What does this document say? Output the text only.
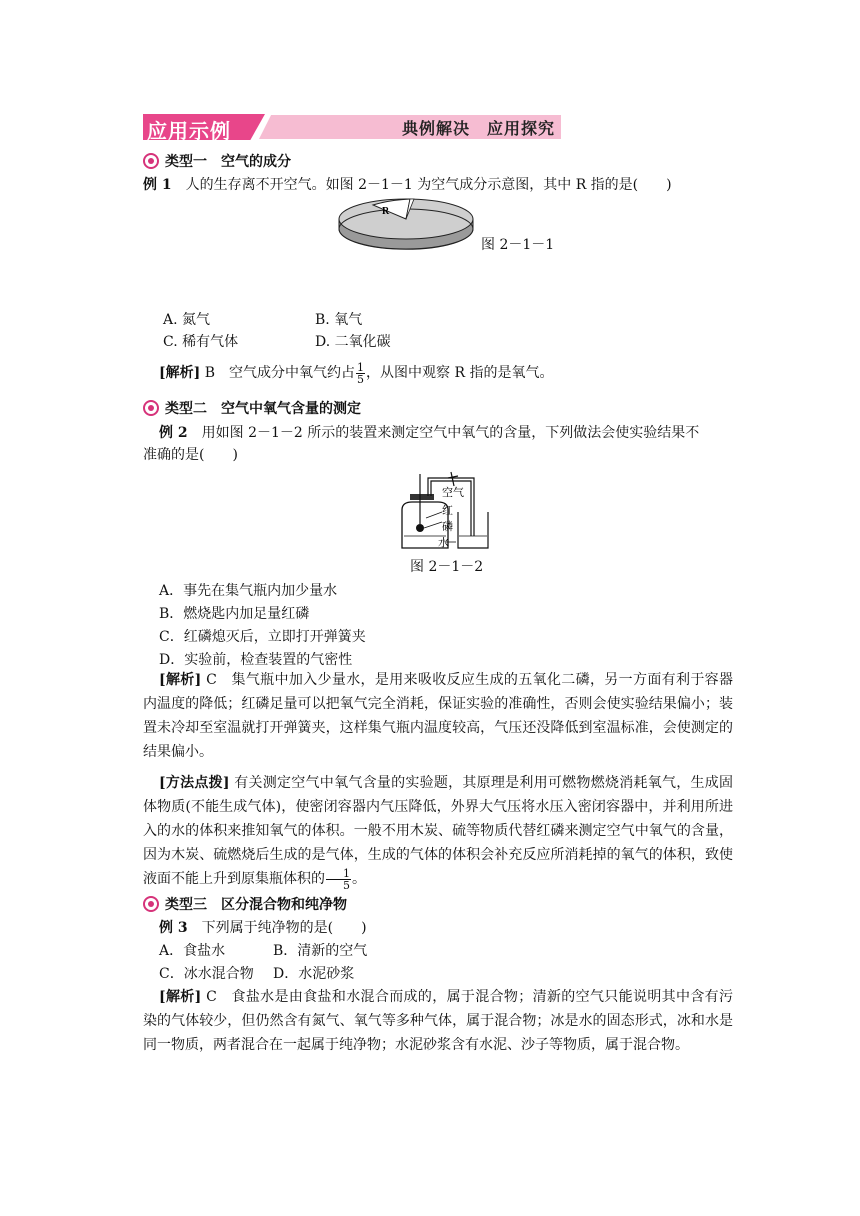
应用示例	典例解决　应用探究
类型一　空气的成分
例 1　 人的生存离不开空气。如图 2－1－1 为空气成分示意图，其中 R 指的是(　　)
R
图 2－1－1
A. 氮气	B. 氧气
C. 稀有气体	D. 二氧化碳
[解析] B　 空气成分中氧气约占 $\frac{1}{5}$ ，从图中观察 R 指的是氧气。
类型二　空气中氧气含量的测定
例 2　 用如图 2－1－2 所示的装置来测定空气中氧气的含量，下列做法会使实验结果不
准确的是(　　)
空气
红
磷
水
图 2－1－2
A．事先在集气瓶内加少量水
B．燃烧匙内加足量红磷
C．红磷熄灭后，立即打开弹簧夹
D．实验前，检查装置的气密性
[解析] C　 集气瓶中加入少量水，是用来吸收反应生成的五氧化二磷，另一方面有利于容器内温度的降低；红磷足量可以把氧气完全消耗，保证实验的准确性，否则会使实验结果偏小；装置未冷却至室温就打开弹簧夹，这样集气瓶内温度较高，气压还没降低到室温标准，会使测定的结果偏小。
[方法点拨] 有关测定空气中氧气含量的实验题，其原理是利用可燃物燃烧消耗氧气，生成固体物质(不能生成气体)，使密闭容器内气压降低，外界大气压将水压入密闭容器中，并利用所进入的水的体积来推知氧气的体积。一般不用木炭、硫等物质代替红磷来测定空气中氧气的含量，因为木炭、硫燃烧后生成的是气体，生成的气体的体积会补充反应所消耗掉的氧气的体积，致使液面不能上升到原集瓶体积的 $\frac{1}{5}$ 。
类型三　区分混合物和纯净物
例 3　 下列属于纯净物的是(　　)
A．食盐水	B．清新的空气
C．冰水混合物 D．水泥砂浆
[解析] C　 食盐水是由食盐和水混合而成的，属于混合物；清新的空气只能说明其中含有污染的气体较少，但仍然含有氮气、氧气等多种气体，属于混合物；冰是水的固态形式，冰和水是同一物质，两者混合在一起属于纯净物；水泥砂浆含有水泥、沙子等物质，属于混合物。
